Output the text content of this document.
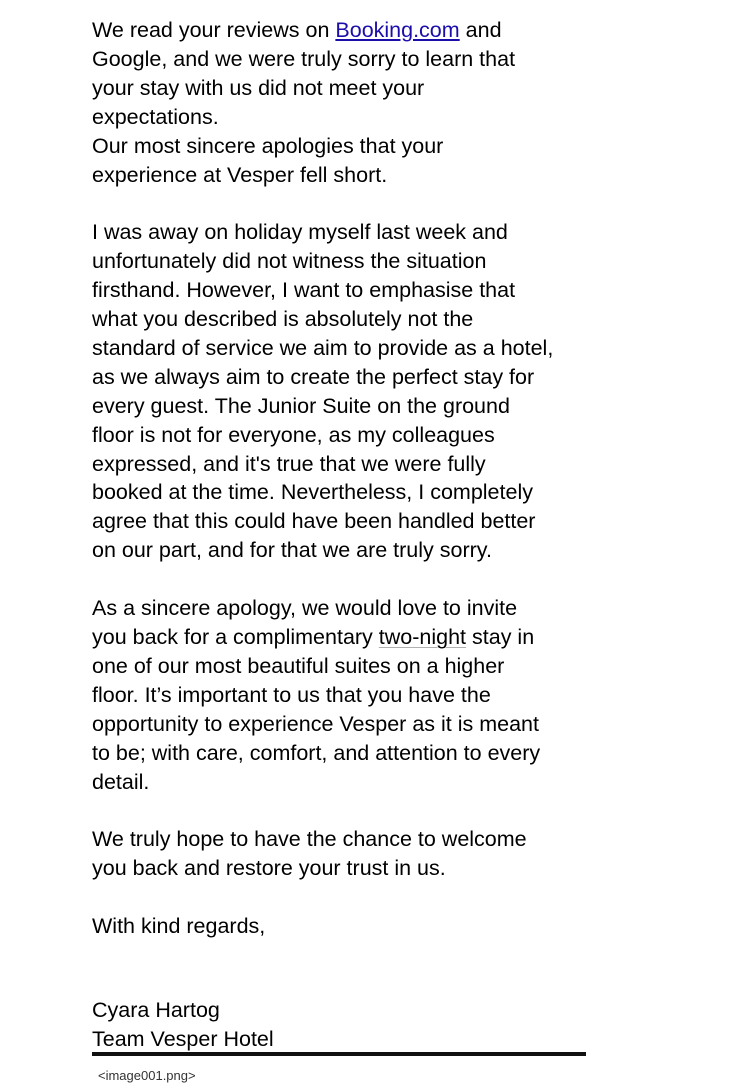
We read your reviews on Booking.com and
Google, and we were truly sorry to learn that
your stay with us did not meet your
expectations.
Our most sincere apologies that your
experience at Vesper fell short.

I was away on holiday myself last week and
unfortunately did not witness the situation
firsthand. However, I want to emphasise that
what you described is absolutely not the
standard of service we aim to provide as a hotel,
as we always aim to create the perfect stay for
every guest. The Junior Suite on the ground
floor is not for everyone, as my colleagues
expressed, and it's true that we were fully
booked at the time. Nevertheless, I completely
agree that this could have been handled better
on our part, and for that we are truly sorry.

As a sincere apology, we would love to invite
you back for a complimentary two-night stay in
one of our most beautiful suites on a higher
floor. It’s important to us that you have the
opportunity to experience Vesper as it is meant
to be; with care, comfort, and attention to every
detail.

We truly hope to have the chance to welcome
you back and restore your trust in us.

With kind regards,

Cyara Hartog
Team Vesper Hotel
<image001.png>
